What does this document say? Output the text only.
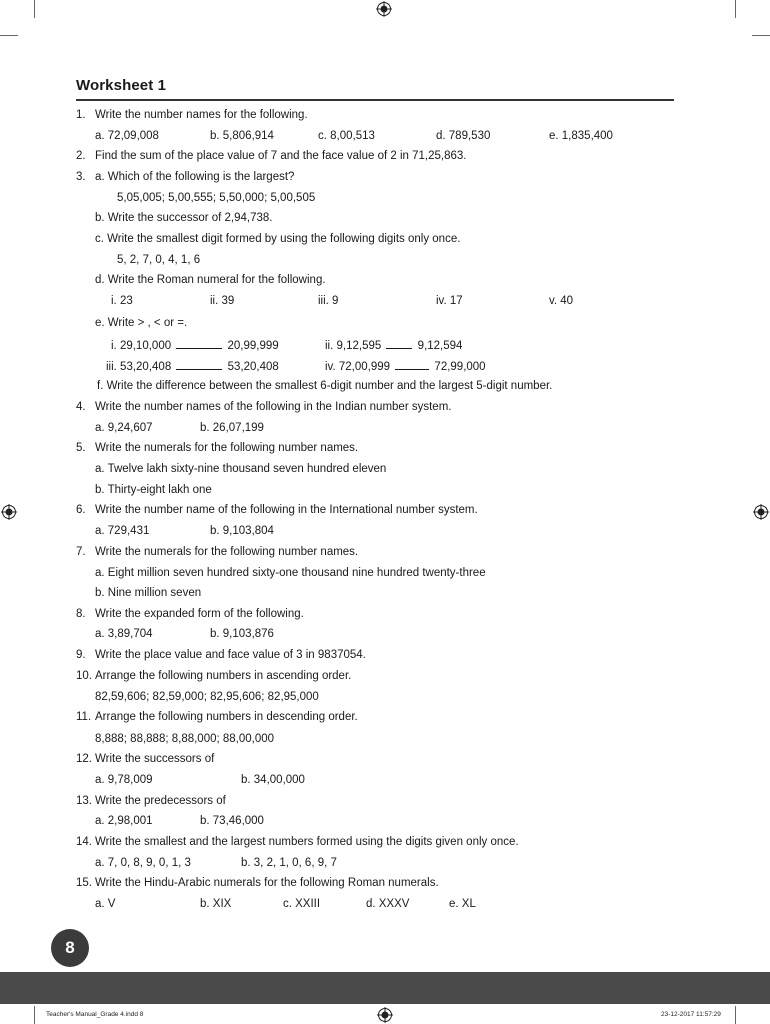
Worksheet 1
1. Write the number names for the following.
a. 72,09,008	b. 5,806,914	c. 8,00,513	d. 789,530	e. 1,835,400
2. Find the sum of the place value of 7 and the face value of 2 in 71,25,863.
3. a. Which of the following is the largest?
5,05,005; 5,00,555; 5,50,000; 5,00,505
b. Write the successor of 2,94,738.
c. Write the smallest digit formed by using the following digits only once.
5, 2, 7, 0, 4, 1, 6
d. Write the Roman numeral for the following.
i. 23	ii. 39	iii. 9	iv. 17	v. 40
e. Write > , < or =.
i. 29,10,000	20,99,999	ii. 9,12,595	9,12,594
iii. 53,20,408	53,20,408	iv. 72,00,999	72,99,000
f. Write the difference between the smallest 6-digit number and the largest 5-digit number.
4. Write the number names of the following in the Indian number system.
a. 9,24,607	b. 26,07,199
5. Write the numerals for the following number names.
a. Twelve lakh sixty-nine thousand seven hundred eleven
b. Thirty-eight lakh one
6. Write the number name of the following in the International number system.
a. 729,431	b. 9,103,804
7. Write the numerals for the following number names.
a. Eight million seven hundred sixty-one thousand nine hundred twenty-three
b. Nine million seven
8. Write the expanded form of the following.
a. 3,89,704	b. 9,103,876
9. Write the place value and face value of 3 in 9837054.
10. Arrange the following numbers in ascending order.
82,59,606; 82,59,000; 82,95,606; 82,95,000
11. Arrange the following numbers in descending order.
8,888; 88,888; 8,88,000; 88,00,000
12. Write the successors of
a. 9,78,009	b. 34,00,000
13. Write the predecessors of
a. 2,98,001	b. 73,46,000
14. Write the smallest and the largest numbers formed using the digits given only once.
a. 7, 0, 8, 9, 0, 1, 3	b. 3, 2, 1, 0, 6, 9, 7
15. Write the Hindu-Arabic numerals for the following Roman numerals.
a. V	b. XIX	c. XXIII	d. XXXV	e. XL
8
Teacher's Manual_Grade 4.indd 8	23-12-2017 11:57:29
